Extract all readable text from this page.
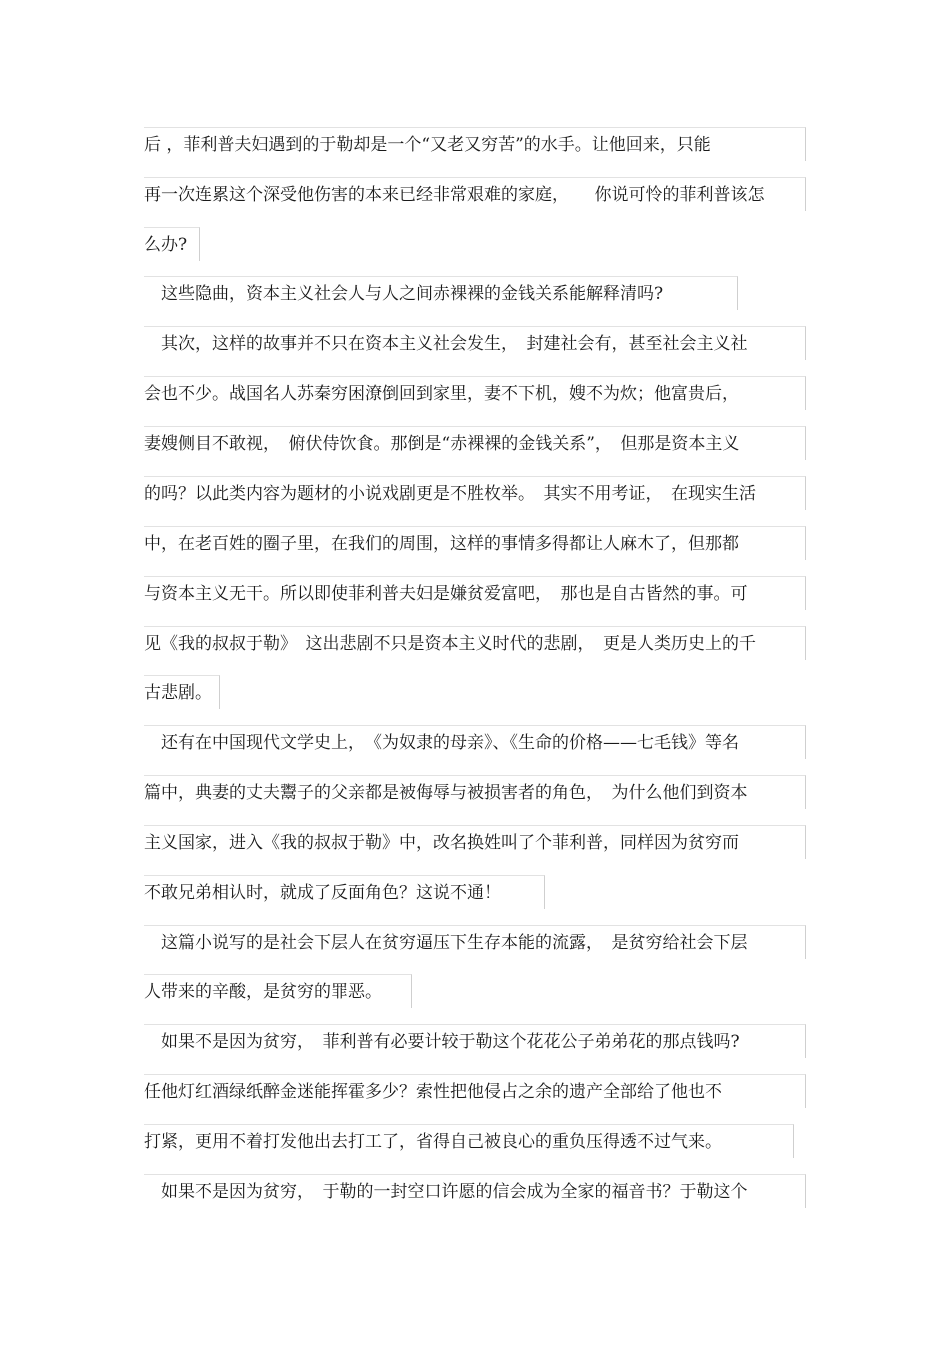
后 ，菲利普夫妇遇到的于勒却是一个“又老又穷苦”的水手。让他回来，只能
再一次连累这个深受他伤害的本来已经非常艰难的家庭，　　你说可怜的菲利普该怎
么办?
　这些隐曲，资本主义社会人与人之间赤裸裸的金钱关系能解释清吗?
　其次，这样的故事并不只在资本主义社会发生，　封建社会有，甚至社会主义社
会也不少。战国名人苏秦穷困潦倒回到家里，妻不下机，嫂不为炊；他富贵后，
妻嫂侧目不敢视，　俯伏侍饮食。那倒是“赤裸裸的金钱关系”，　但那是资本主义
的吗？以此类内容为题材的小说戏剧更是不胜枚举。　其实不用考证，　在现实生活
中，在老百姓的圈子里，在我们的周围，这样的事情多得都让人麻木了，但那都
与资本主义无干。所以即使菲利普夫妇是嫌贫爱富吧，　那也是自古皆然的事。可
见《我的叔叔于勒》　这出悲剧不只是资本主义时代的悲剧，　更是人类历史上的千
古悲剧。
　还有在中国现代文学史上，　《为奴隶的母亲》、《生命的价格——七毛钱》等名
篇中，典妻的丈夫鬻子的父亲都是被侮辱与被损害者的角色，　为什么他们到资本
主义国家，进入《我的叔叔于勒》中，改名换姓叫了个菲利普，同样因为贫穷而
不敢兄弟相认时，就成了反面角色？这说不通！
　这篇小说写的是社会下层人在贫穷逼压下生存本能的流露，　是贫穷给社会下层
人带来的辛酸，是贫穷的罪恶。
　如果不是因为贫穷，　菲利普有必要计较于勒这个花花公子弟弟花的那点钱吗?
任他灯红酒绿纸醉金迷能挥霍多少？索性把他侵占之余的遗产全部给了他也不
打紧，更用不着打发他出去打工了，省得自己被良心的重负压得透不过气来。
　如果不是因为贫穷，　于勒的一封空口许愿的信会成为全家的福音书？于勒这个
